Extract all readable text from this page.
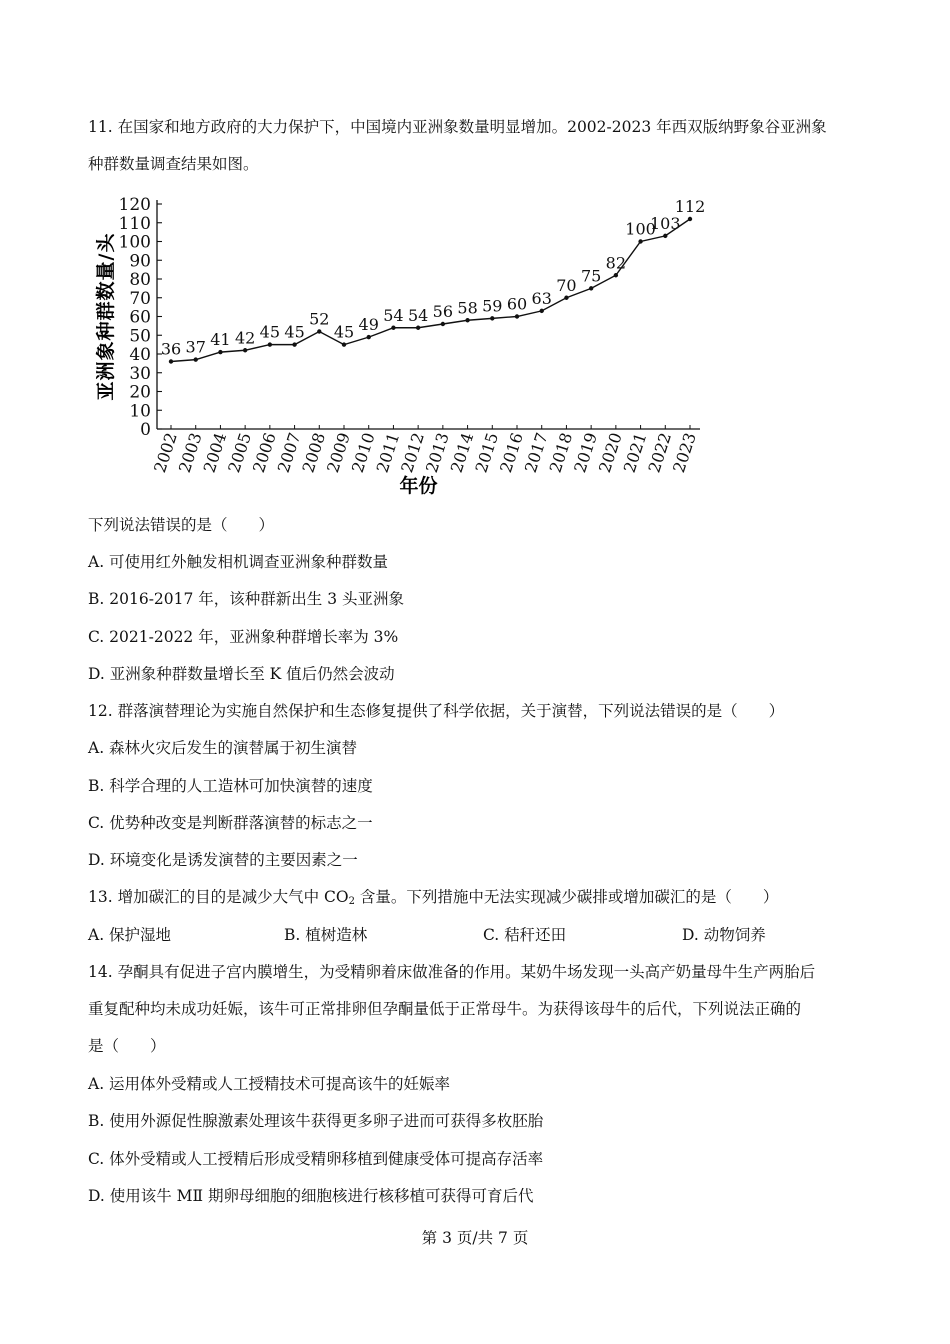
11. 在国家和地方政府的大力保护下，中国境内亚洲象数量明显增加。2002-2023 年西双版纳野象谷亚洲象
种群数量调查结果如图。
0
10
20
30
40
50
60
70
80
90
100
110
120
2002
2003
2004
2005
2006
2007
2008
2009
2010
2011
2012
2013
2014
2015
2016
2017
2018
2019
2020
2021
2022
2023
36 37 41 42 45 45
52
45 49 54 54 56 58 59 60 63
70 75
82
100
103
112
亚洲象种群数量/头
年份
下列说法错误的是（　　）
A. 可使用红外触发相机调查亚洲象种群数量
B. 2016-2017 年，该种群新出生 3 头亚洲象
C. 2021-2022 年，亚洲象种群增长率为 3%
D. 亚洲象种群数量增长至 K 值后仍然会波动
12. 群落演替理论为实施自然保护和生态修复提供了科学依据，关于演替，下列说法错误的是（　　）
A. 森林火灾后发生的演替属于初生演替
B. 科学合理的人工造林可加快演替的速度
C. 优势种改变是判断群落演替的标志之一
D. 环境变化是诱发演替的主要因素之一
13. 增加碳汇的目的是减少大气中 $CO_2$ 含量。下列措施中无法实现减少碳排或增加碳汇的是（　　）
A. 保护湿地	B. 植树造林	C. 秸秆还田	D. 动物饲养
14. 孕酮具有促进子宫内膜增生，为受精卵着床做准备的作用。某奶牛场发现一头高产奶量母牛生产两胎后
重复配种均未成功妊娠，该牛可正常排卵但孕酮量低于正常母牛。为获得该母牛的后代，下列说法正确的
是（　　）
A. 运用体外受精或人工授精技术可提高该牛的妊娠率
B. 使用外源促性腺激素处理该牛获得更多卵子进而可获得多枚胚胎
C. 体外受精或人工授精后形成受精卵移植到健康受体可提高存活率
D. 使用该牛 MⅡ 期卵母细胞的细胞核进行核移植可获得可育后代
第 3 页/共 7 页
